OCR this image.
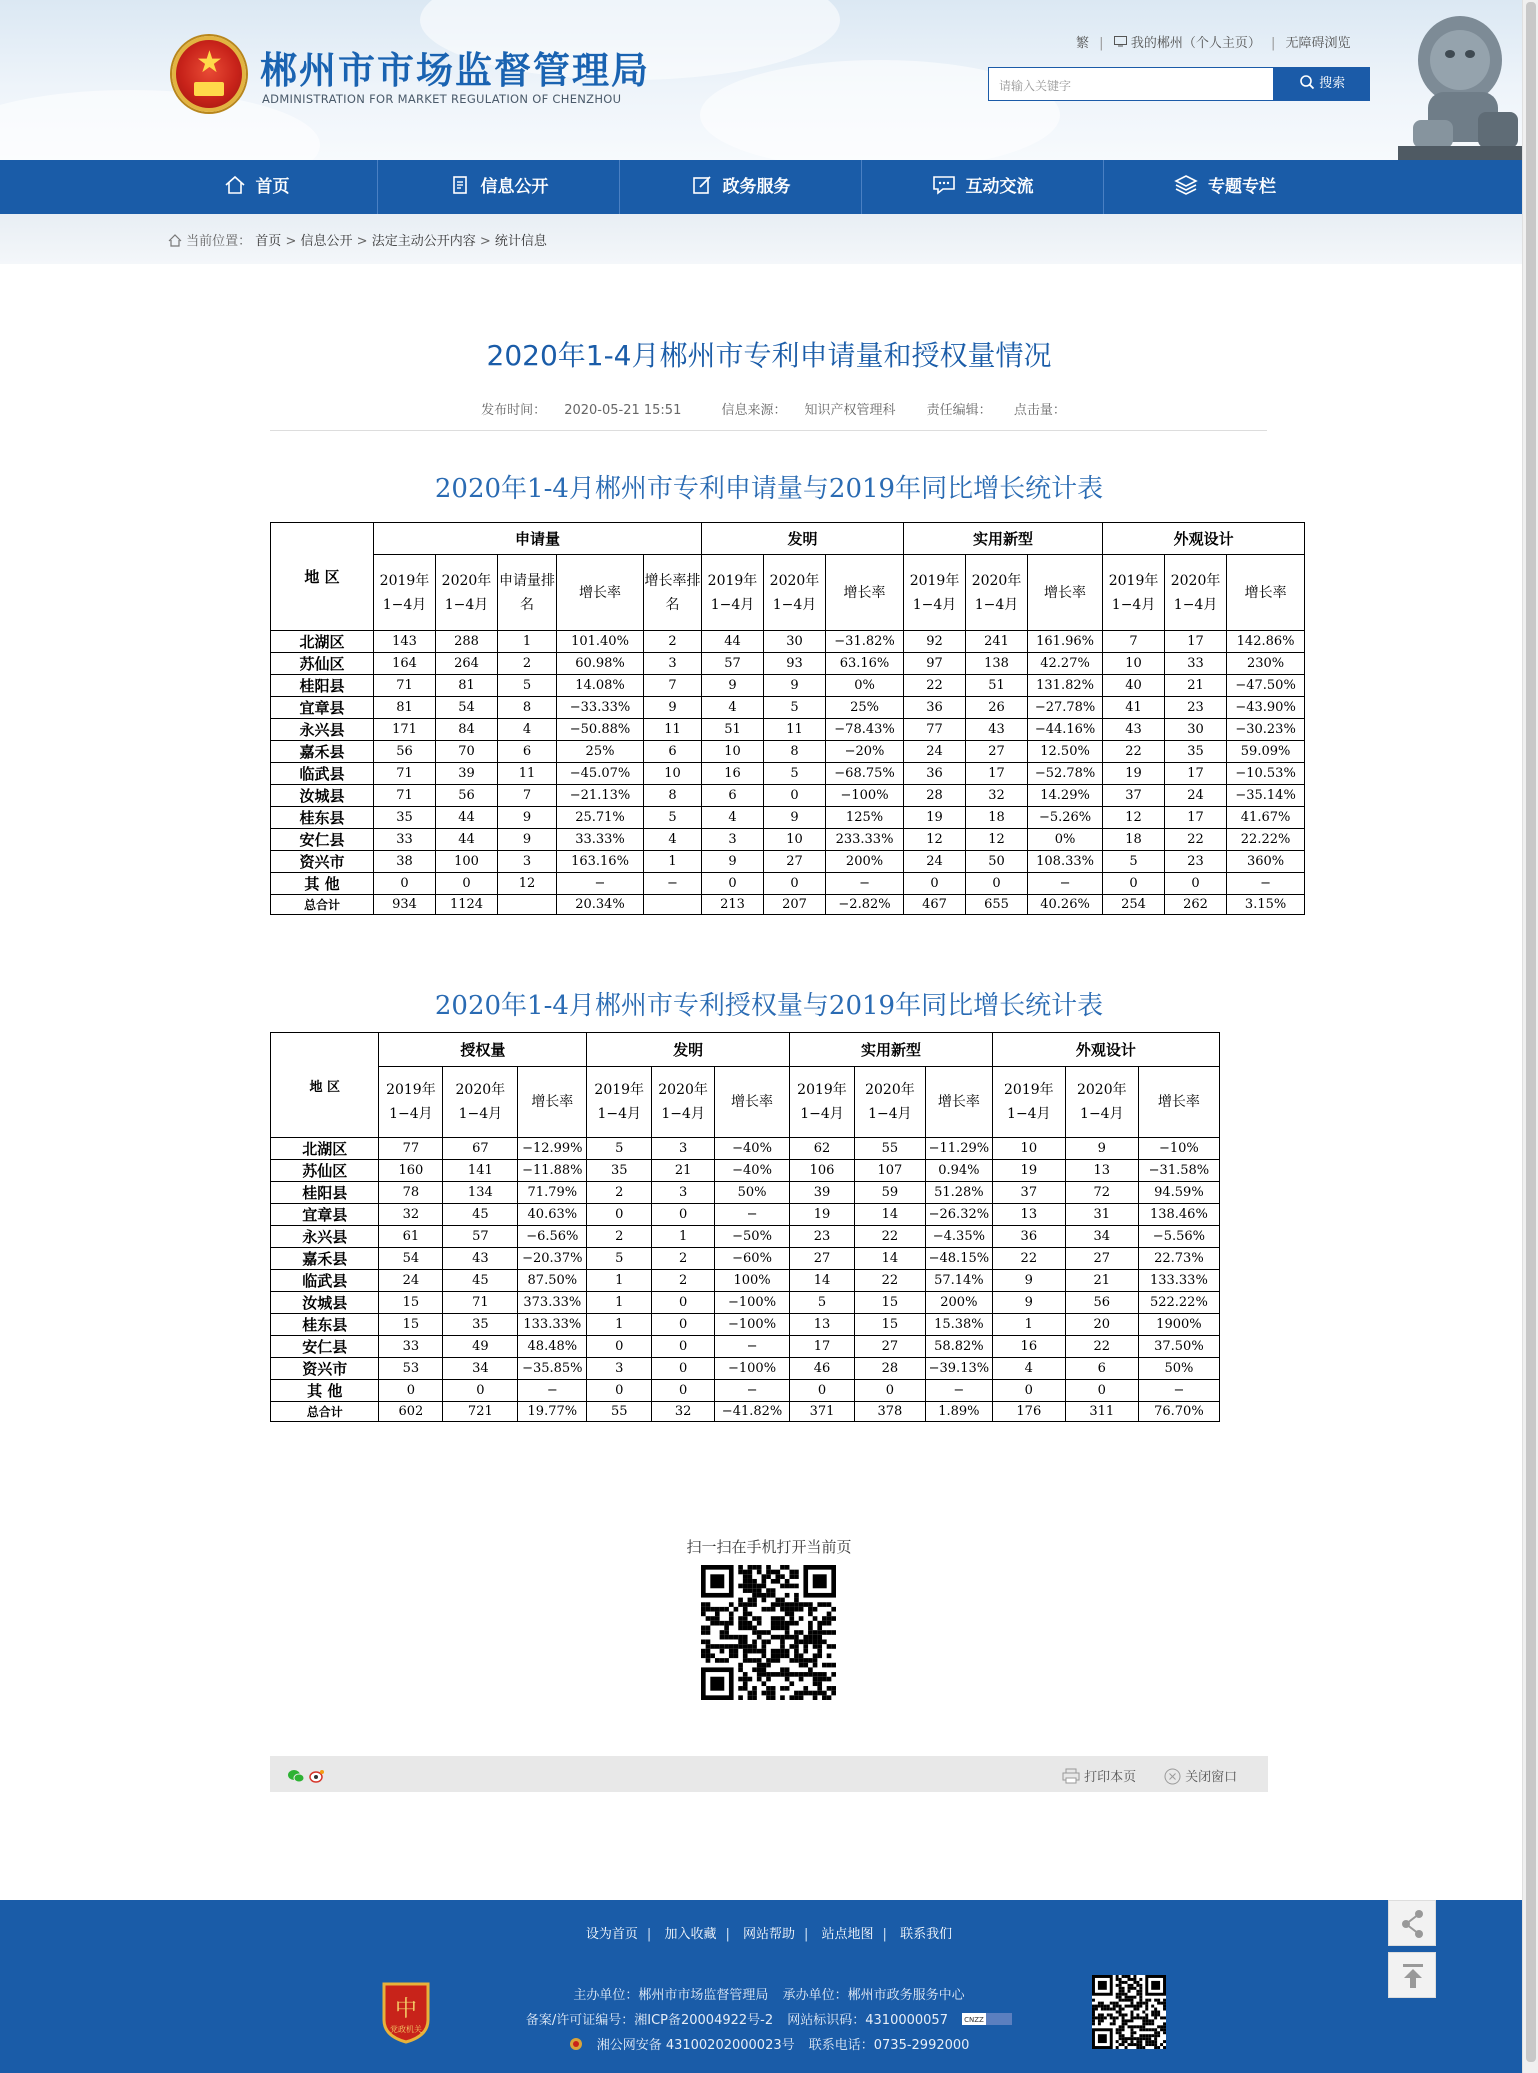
★ 郴州市市场监督管理局
ADMINISTRATION FOR MARKET REGULATION OF CHENZHOU
繁 | 我的郴州（个人主页） | 无障碍浏览
请输入关键字	搜索
首页	信息公开	政务服务	互动交流	专题专栏
当前位置： 首页 > 信息公开 > 法定主动公开内容 > 统计信息
2020年1-4月郴州市专利申请量和授权量情况
发布时间： 2020-05-21 15:51	信息来源： 知识产权管理科 责任编辑： 点击量：
2020年1-4月郴州市专利申请量与2019年同比增长统计表
地 区	申请量					发明			实用新型			外观设计		
	2019年1−4月	2020年1−4月	申请量排名	增长率	增长率排名	2019年1−4月	2020年1−4月	增长率	2019年1−4月	2020年1−4月	增长率	2019年1−4月	2020年1−4月	增长率
北湖区	143	288	1	101.40%	2	44	30	−31.82%	92	241	161.96%	7	17	142.86%
苏仙区	164	264	2	60.98%	3	57	93	63.16%	97	138	42.27%	10	33	230%
桂阳县	71	81	5	14.08%	7	9	9	0%	22	51	131.82%	40	21	−47.50%
宜章县	81	54	8	−33.33%	9	4	5	25%	36	26	−27.78%	41	23	−43.90%
永兴县	171	84	4	−50.88%	11	51	11	−78.43%	77	43	−44.16%	43	30	−30.23%
嘉禾县	56	70	6	25%	6	10	8	−20%	24	27	12.50%	22	35	59.09%
临武县	71	39	11	−45.07%	10	16	5	−68.75%	36	17	−52.78%	19	17	−10.53%
汝城县	71	56	7	−21.13%	8	6	0	−100%	28	32	14.29%	37	24	−35.14%
桂东县	35	44	9	25.71%	5	4	9	125%	19	18	−5.26%	12	17	41.67%
安仁县	33	44	9	33.33%	4	3	10	233.33%	12	12	0%	18	22	22.22%
资兴市	38	100	3	163.16%	1	9	27	200%	24	50	108.33%	5	23	360%
其 他	0	0	12	−	−	0	0	−	0	0	−	0	0	−
总合计	934	1124		20.34%		213	207	−2.82%	467	655	40.26%	254	262	3.15%
2020年1-4月郴州市专利授权量与2019年同比增长统计表
地 区	授权量			发明			实用新型			外观设计		
	2019年1−4月	2020年1−4月	增长率	2019年1−4月	2020年1−4月	增长率	2019年1−4月	2020年1−4月	增长率	2019年1−4月	2020年1−4月	增长率
北湖区	77	67	−12.99%	5	3	−40%	62	55	−11.29%	10	9	−10%
苏仙区	160	141	−11.88%	35	21	−40%	106	107	0.94%	19	13	−31.58%
桂阳县	78	134	71.79%	2	3	50%	39	59	51.28%	37	72	94.59%
宜章县	32	45	40.63%	0	0	−	19	14	−26.32%	13	31	138.46%
永兴县	61	57	−6.56%	2	1	−50%	23	22	−4.35%	36	34	−5.56%
嘉禾县	54	43	−20.37%	5	2	−60%	27	14	−48.15%	22	27	22.73%
临武县	24	45	87.50%	1	2	100%	14	22	57.14%	9	21	133.33%
汝城县	15	71	373.33%	1	0	−100%	5	15	200%	9	56	522.22%
桂东县	15	35	133.33%	1	0	−100%	13	15	15.38%	1	20	1900%
安仁县	33	49	48.48%	0	0	−	17	27	58.82%	16	22	37.50%
资兴市	53	34	−35.85%	3	0	−100%	46	28	−39.13%	4	6	50%
其 他	0	0	−	0	0	−	0	0	−	0	0	−
总合计	602	721	19.77%	55	32	−41.82%	371	378	1.89%	176	311	76.70%
扫一扫在手机打开当前页

打印本页	关闭窗口
设为首页 | 加入收藏 | 网站帮助 | 站点地图 | 联系我们
中
党政机关
主办单位：郴州市市场监督管理局 承办单位：郴州市政务服务中心
备案/许可证编号：湘ICP备20004922号-2 网站标识码：4310000057 CNZZ
湘公网安备 43100202000023号 联系电话：0735-2992000
